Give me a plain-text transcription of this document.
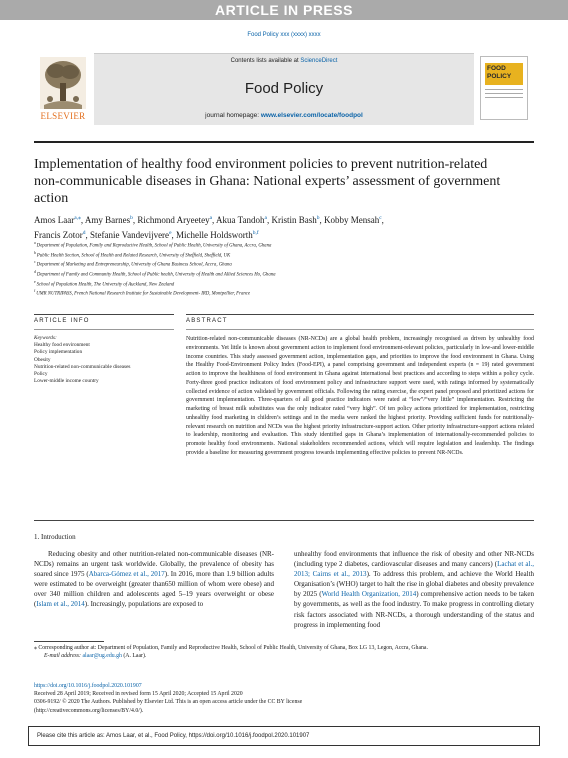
ARTICLE IN PRESS
Food Policy xxx (xxxx) xxxx
ELSEVIER
Contents lists available at ScienceDirect
Food Policy
journal homepage: www.elsevier.com/locate/foodpol
FOOD
POLICY
Implementation of healthy food environment policies to prevent nutrition-related non-communicable diseases in Ghana: National experts’ assessment of government action
Amos Laar$^{a,⁎}$, Amy Barnes$^b$, Richmond Aryeetey$^a$, Akua Tandoh$^a$, Kristin Bash$^b$, Kobby Mensah$^c$,
Francis Zotor$^d$, Stefanie Vandevijvere$^e$, Michelle Holdsworth$^{b,f}$
$^a$ Department of Population, Family and Reproductive Health, School of Public Health, University of Ghana, Accra, Ghana
$^b$ Public Health Section, School of Health and Related Research, University of Sheffield, Sheffield, UK
$^c$ Department of Marketing and Entrepreneurship, University of Ghana Business School, Accra, Ghana
$^d$ Department of Family and Community Health, School of Public health, University of Health and Allied Sciences Ho, Ghana
$^e$ School of Population Health, The University of Auckland, New Zealand
$^f$ UMR NUTRIPASS, French National Research Institute for Sustainable Development- IRD, Montpellier, France
ARTICLE INFO	ABSTRACT
Keywords:
Healthy food environment
Policy implementation
Obesity
Nutrition-related non-communicable diseases
Policy
Lower-middle income country
Nutrition-related non-communicable diseases (NR-NCDs) are a global health problem, increasingly recognised as driven by unhealthy food environments. Yet little is known about government action to implement food environment-relevant policies, particularly in low-and lower-middle income countries. This study assessed government action, implementation gaps, and priorities to improve the food environment in Ghana. Using the Healthy Food-Environment Policy Index (Food-EPI), a panel comprising government and independent experts (n = 19) rated government action to improve the healthiness of food environment in Ghana against international best practices and according to steps within a policy cycle. Forty-three good practice indicators of food environment policy and infrastructure support were used, with ratings informed by systematically collected evidence of action validated by government officials. Following the rating exercise, the expert panel proposed and prioritized actions for government implementation. Three-quarters of all good practice indicators were rated at “low”/“very little” implementation. Restricting the marketing of breast milk substitutes was the only indicator rated “very high”. Of ten policy actions prioritized for implementation, restricting unhealthy food marketing in children’s settings and in the media were ranked the highest priority. Providing sufficient funds for nutritionally-relevant research on nutrition and NCDs was the highest priority infrastructure-support action. Other priority infrastructure-support actions related to leadership, monitoring and evaluation. This study identified gaps in Ghana’s implementation of internationally-recommended policies to promote healthy food environments. National stakeholders recommended actions, which will require legislation and leadership. The findings provide a baseline for measuring government progress towards implementing effective policies to prevent NR-NCDs.
1. Introduction
Reducing obesity and other nutrition-related non-communicable diseases (NR-NCDs) remains an urgent task worldwide. Globally, the prevalence of obesity has soared since 1975 (Abarca-Gómez et al., 2017). In 2016, more than 1.9 billion adults were estimated to be overweight (greater than650 million of whom were obese) and over 340 million children and adolescents aged 5–19 years overweight or obese (Islam et al., 2014). Increasingly, populations are exposed to
unhealthy food environments that influence the risk of obesity and other NR-NCDs (including type 2 diabetes, cardiovascular diseases and many cancers) (Lachat et al., 2013; Cairns et al., 2013). To address this problem, and achieve the World Health Organisation’s (WHO) target to halt the rise in global diabetes and obesity prevalence by 2025 (World Health Organization, 2014) comprehensive action needs to be taken by governments, as well as the food industry. To make progress in controlling dietary risk factors associated with NR-NCDs, a thorough understanding of the status and progress in implementing food
⁎ Corresponding author at: Department of Population, Family and Reproductive Health, School of Public Health, University of Ghana, Box LG 13, Legon, Accra, Ghana.
E-mail address: alaar@ug.edu.gh (A. Laar).
https://doi.org/10.1016/j.foodpol.2020.101907
Received 28 April 2019; Received in revised form 15 April 2020; Accepted 15 April 2020
0306-9192/ © 2020 The Authors. Published by Elsevier Ltd. This is an open access article under the CC BY license
(http://creativecommons.org/licenses/BY/4.0/).
Please cite this article as: Amos Laar, et al., Food Policy, https://doi.org/10.1016/j.foodpol.2020.101907
